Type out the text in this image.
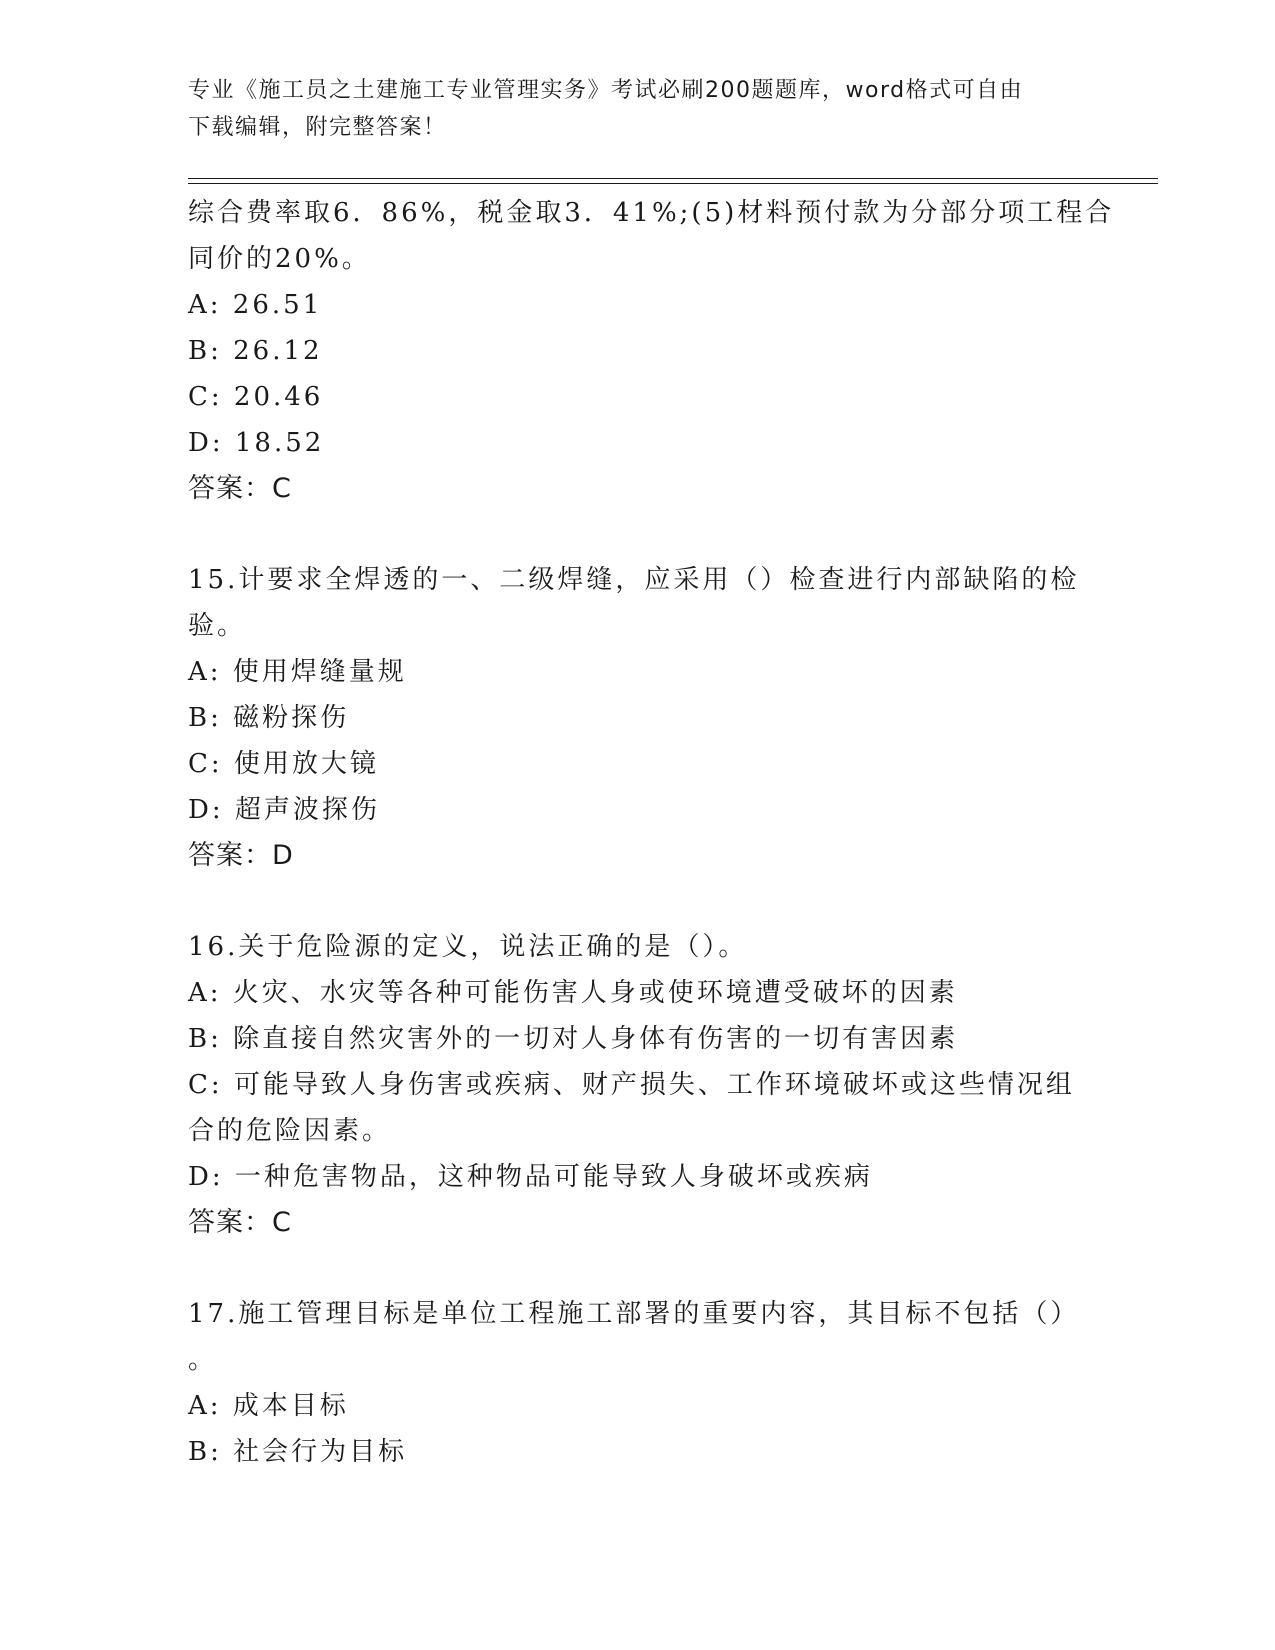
专业《施工员之土建施工专业管理实务》考试必刷200题题库，word格式可自由
下载编辑，附完整答案！
综合费率取6．86%，税金取3．41%;(5)材料预付款为分部分项工程合
同价的20%。
A: 26.51
B: 26.12
C: 20.46
D: 18.52
答案：C
15.计要求全焊透的一、二级焊缝，应采用（）检查进行内部缺陷的检
验。
A: 使用焊缝量规
B: 磁粉探伤
C: 使用放大镜
D: 超声波探伤
答案：D
16.关于危险源的定义，说法正确的是（）。
A: 火灾、水灾等各种可能伤害人身或使环境遭受破坏的因素
B: 除直接自然灾害外的一切对人身体有伤害的一切有害因素
C: 可能导致人身伤害或疾病、财产损失、工作环境破坏或这些情况组
合的危险因素。
D: 一种危害物品，这种物品可能导致人身破坏或疾病
答案：C
17.施工管理目标是单位工程施工部署的重要内容，其目标不包括（）
。
A: 成本目标
B: 社会行为目标
